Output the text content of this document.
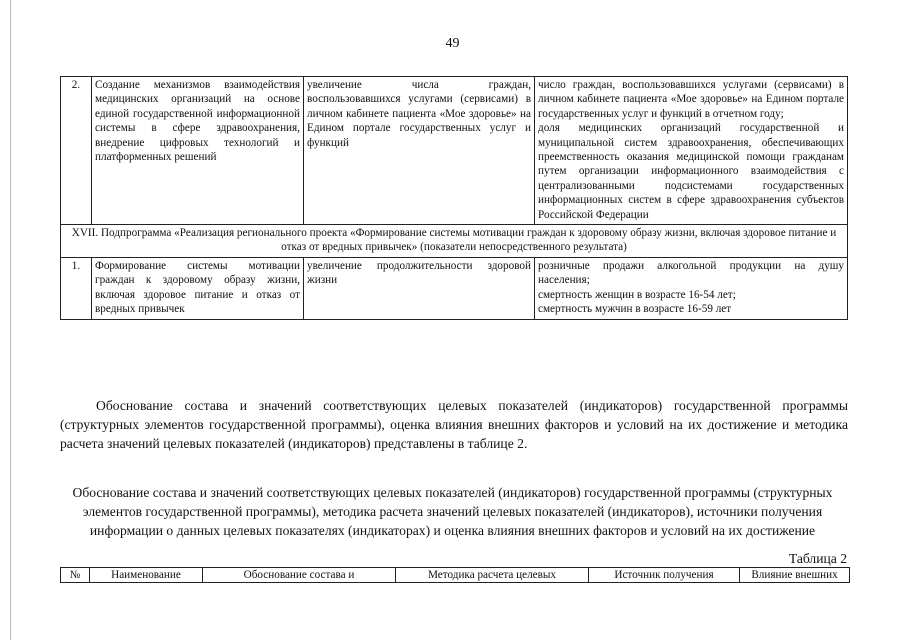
49
2.	Создание механизмов взаимодействия медицинских организаций на основе единой государственной информационной системы в сфере здравоохранения, внедрение цифровых технологий и платформенных решений	увеличение числа граждан, воспользовавшихся услугами (сервисами) в личном кабинете пациента «Мое здоровье» на Едином портале государственных услуг и функций	число граждан, воспользовавшихся услугами (сервисами) в личном кабинете пациента «Мое здоровье» на Едином портале государственных услуг и функций в отчетном году;
доля медицинских организаций государственной и муниципальной систем здравоохранения, обеспечивающих преемственность оказания медицинской помощи гражданам путем организации информационного взаимодействия с централизованными подсистемами государственных информационных систем в сфере здравоохранения субъектов Российской Федерации

XVII. Подпрограмма «Реализация регионального проекта «Формирование системы мотивации граждан к здоровому образу жизни, включая здоровое питание и отказ от вредных привычек» (показатели непосредственного результата)			
1.	Формирование системы мотивации граждан к здоровому образу жизни, включая здоровое питание и отказ от вредных привычек	увеличение продолжительности здоровой жизни	розничные продажи алкогольной продукции на душу населения;
смертность женщин в возрасте 16-54 лет;
смертность мужчин в возрасте 16-59 лет
Обоснование состава и значений соответствующих целевых показателей (индикаторов) государственной программы (структурных элементов государственной программы), оценка влияния внешних факторов и условий на их достижение и методика расчета значений целевых показателей (индикаторов) представлены в таблице 2.
Обоснование состава и значений соответствующих целевых показателей (индикаторов) государственной программы (структурных элементов государственной программы), методика расчета значений целевых показателей (индикаторов), источники получения информации о данных целевых показателях (индикаторах) и оценка влияния внешних факторов и условий на их достижение
Таблица 2
№	Наименование	Обоснование состава и	Методика расчета целевых	Источник получения	Влияние внешних
